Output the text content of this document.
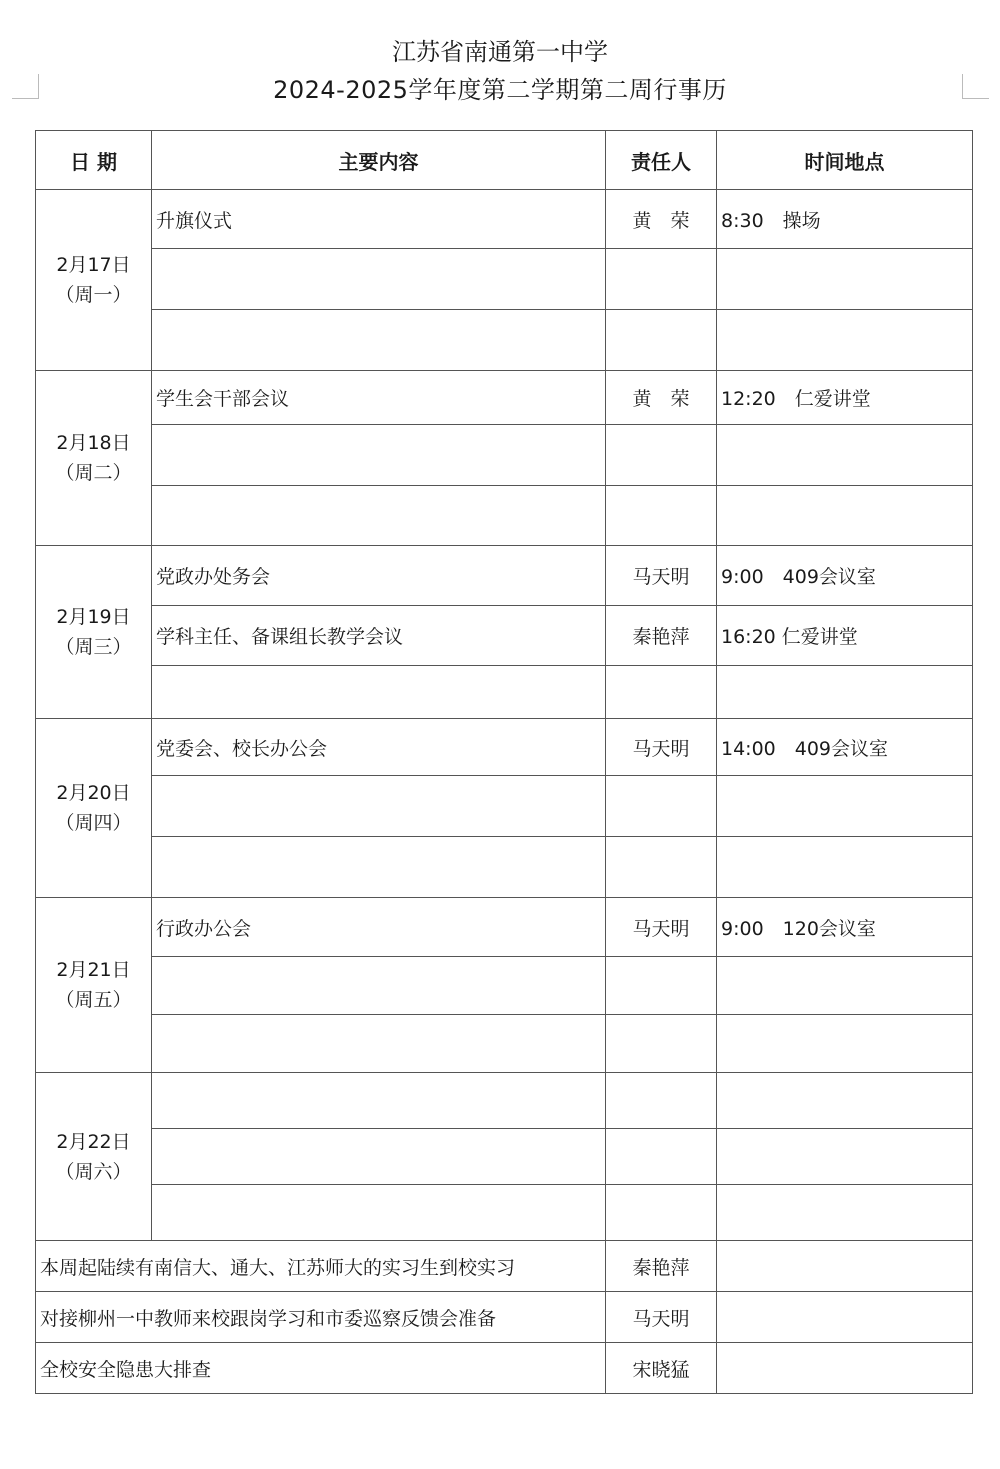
江苏省南通第一中学
2024-2025学年度第二学期第二周行事历
日 期	主要内容	责任人	时间地点

2月17日
（周一）	升旗仪式	黄　荣	8:30　操场

2月18日
（周二）	学生会干部会议	黄　荣	12:20　仁爱讲堂

2月19日
（周三）	党政办处务会	马天明	9:00　409会议室
	学科主任、备课组长教学会议	秦艳萍	16:20 仁爱讲堂

2月20日
（周四）	党委会、校长办公会	马天明	14:00　409会议室

2月21日
（周五）	行政办公会	马天明	9:00　120会议室

2月22日
（周六）			

本周起陆续有南信大、通大、江苏师大的实习生到校实习		秦艳萍	
对接柳州一中教师来校跟岗学习和市委巡察反馈会准备		马天明	
全校安全隐患大排查		宋晓猛	
